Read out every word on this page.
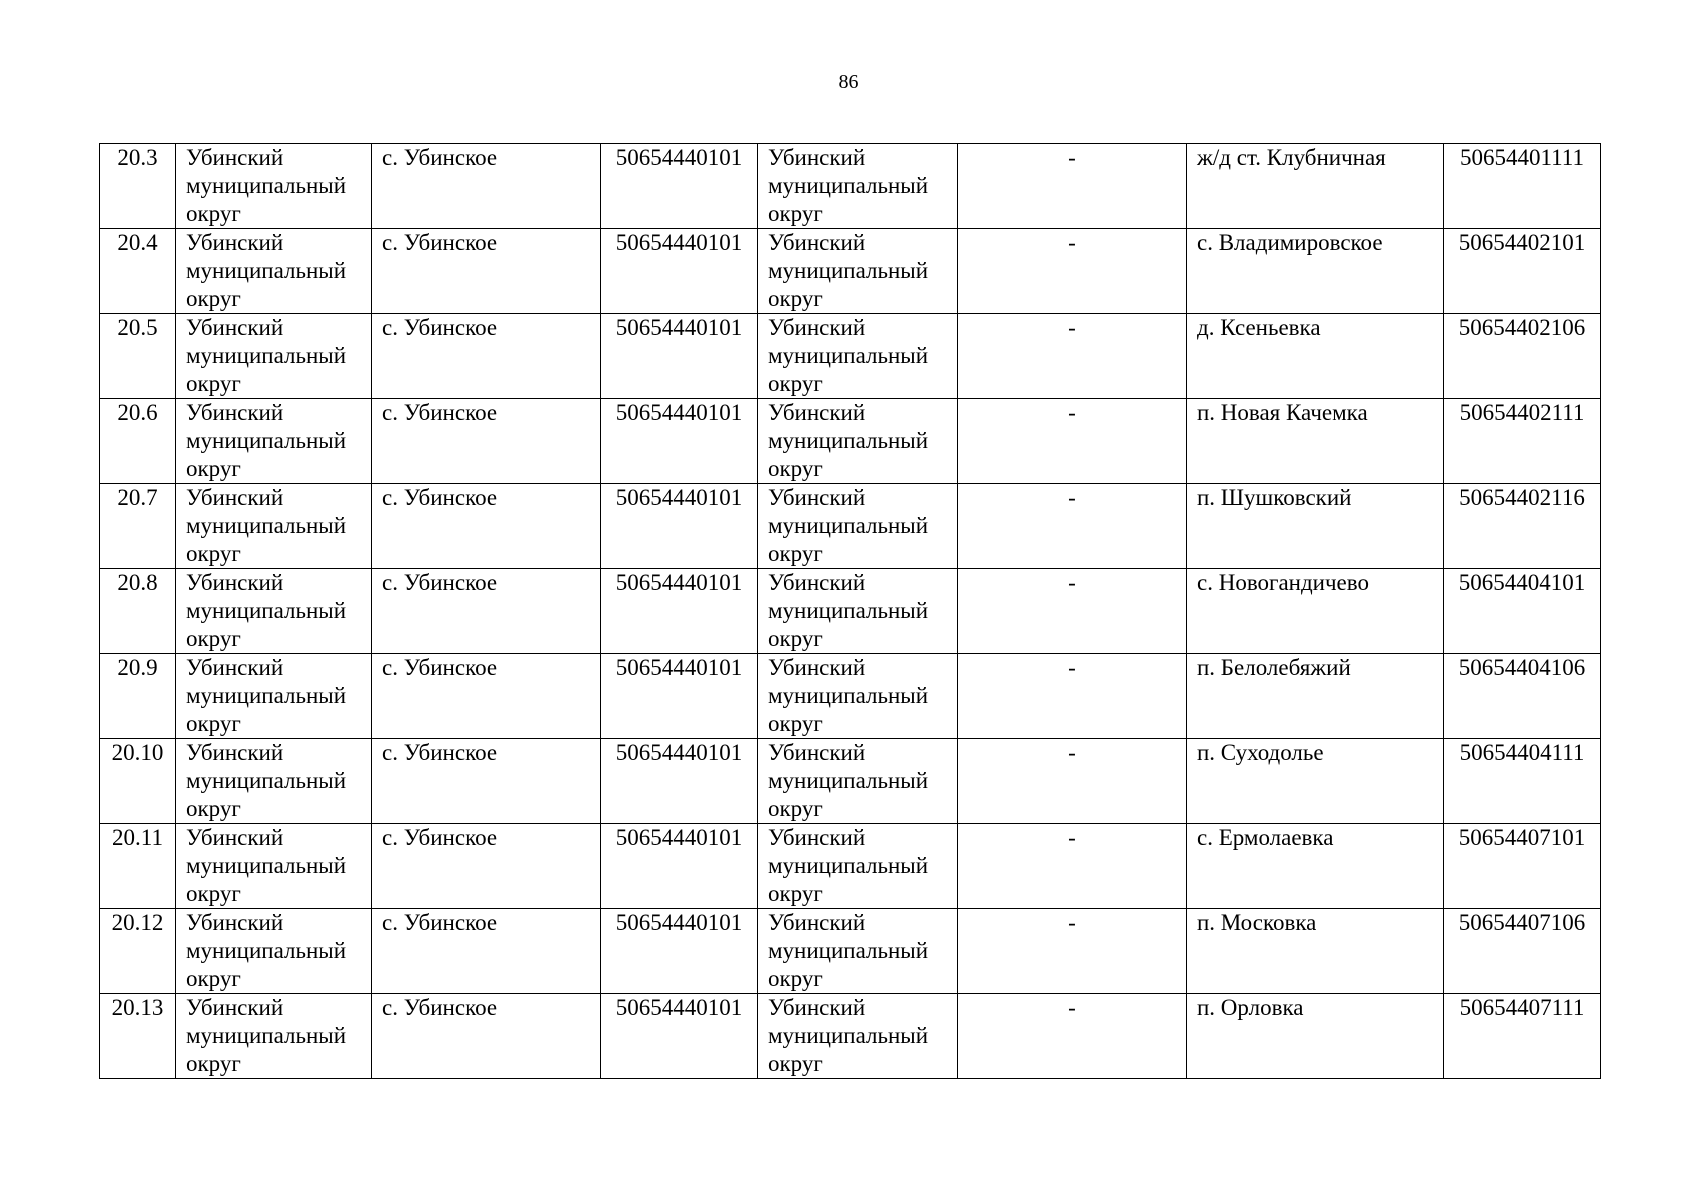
86
20.3	Убинский муниципальный округ	с. Убинское	50654440101	Убинский муниципальный округ	-	ж/д ст. Клубничная	50654401111
20.4	Убинский муниципальный округ	с. Убинское	50654440101	Убинский муниципальный округ	-	с. Владимировское	50654402101
20.5	Убинский муниципальный округ	с. Убинское	50654440101	Убинский муниципальный округ	-	д. Ксеньевка	50654402106
20.6	Убинский муниципальный округ	с. Убинское	50654440101	Убинский муниципальный округ	-	п. Новая Качемка	50654402111
20.7	Убинский муниципальный округ	с. Убинское	50654440101	Убинский муниципальный округ	-	п. Шушковский	50654402116
20.8	Убинский муниципальный округ	с. Убинское	50654440101	Убинский муниципальный округ	-	с. Новогандичево	50654404101
20.9	Убинский муниципальный округ	с. Убинское	50654440101	Убинский муниципальный округ	-	п. Белолебяжий	50654404106
20.10	Убинский муниципальный округ	с. Убинское	50654440101	Убинский муниципальный округ	-	п. Суходолье	50654404111
20.11	Убинский муниципальный округ	с. Убинское	50654440101	Убинский муниципальный округ	-	с. Ермолаевка	50654407101
20.12	Убинский муниципальный округ	с. Убинское	50654440101	Убинский муниципальный округ	-	п. Московка	50654407106
20.13	Убинский муниципальный округ	с. Убинское	50654440101	Убинский муниципальный округ	-	п. Орловка	50654407111
